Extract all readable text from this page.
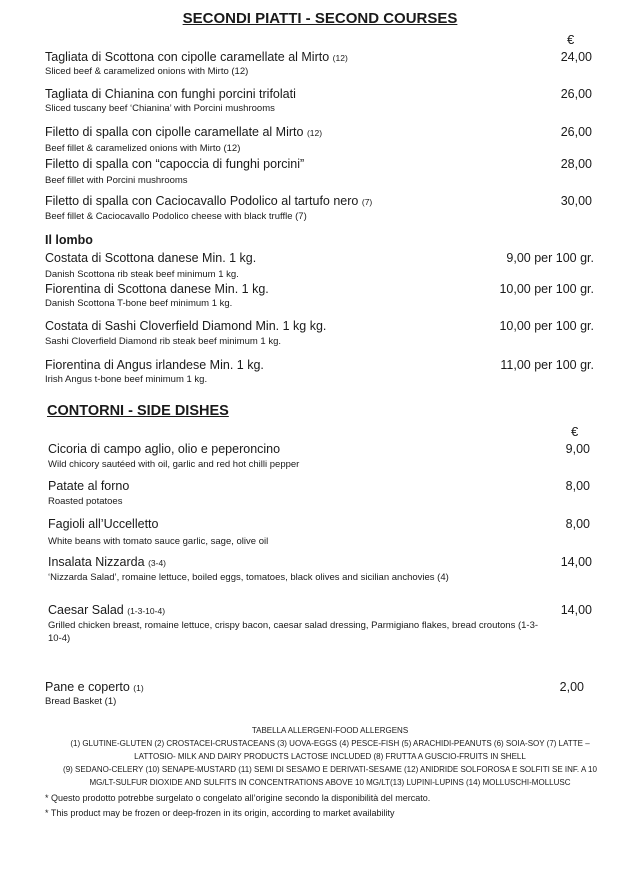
SECONDI PIATTI - SECOND COURSES
€
Il lombo
CONTORNI - SIDE DISHES
€
Tagliata di Scottona con cipolle caramellate al Mirto (12)
Sliced beef & caramelized onions with Mirto (12)
24,00
Tagliata di Chianina con funghi porcini trifolati
Sliced tuscany beef ‘Chianina’ with Porcini mushrooms
26,00
Filetto di spalla con cipolle caramellate al Mirto (12)
Beef fillet & caramelized onions with Mirto (12)
26,00
Filetto di spalla con “capoccia di funghi porcini”
Beef fillet with Porcini mushrooms
28,00
Filetto di spalla con Caciocavallo Podolico al tartufo nero (7)
Beef fillet & Caciocavallo Podolico cheese with black truffle (7)
30,00
Costata di Scottona danese Min. 1 kg.
Danish Scottona rib steak beef minimum 1 kg.
9,00 per 100 gr.
Fiorentina di Scottona danese Min. 1 kg.
Danish Scottona T-bone beef minimum 1 kg.
10,00 per 100 gr.
Costata di Sashi Cloverfield Diamond Min. 1 kg kg.
Sashi Cloverfield Diamond rib steak beef minimum 1 kg.
10,00 per 100 gr.
Fiorentina di Angus irlandese Min. 1 kg.
Irish Angus t-bone beef minimum 1 kg.
11,00 per 100 gr.
Cicoria di campo aglio, olio e peperoncino
Wild chicory sautéed with oil, garlic and red hot chilli pepper
9,00
Patate al forno
Roasted potatoes
8,00
Fagioli all’Uccelletto
White beans with tomato sauce garlic, sage, olive oil
8,00
Insalata Nizzarda (3-4)
‘Nizzarda Salad’, romaine lettuce, boiled eggs, tomatoes, black olives and sicilian anchovies (4)
14,00
Caesar Salad (1-3-10-4)
Grilled chicken breast, romaine lettuce, crispy bacon, caesar salad dressing, Parmigiano flakes, bread croutons (1-3-
10-4)
14,00
Pane e coperto (1)
Bread Basket (1)
2,00
TABELLA ALLERGENI-FOOD ALLERGENS
(1) GLUTINE-GLUTEN (2) CROSTACEI-CRUSTACEANS (3) UOVA-EGGS (4) PESCE-FISH (5) ARACHIDI-PEANUTS (6) SOIA-SOY (7) LATTE – LATTOSIO- MILK AND DAIRY PRODUCTS LACTOSE INCLUDED (8) FRUTTA A GUSCIO-FRUITS IN SHELL
(9) SEDANO-CELERY (10) SENAPE-MUSTARD (11) SEMI DI SESAMO E DERIVATI-SESAME (12) ANIDRIDE SOLFOROSA E SOLFITI SE INF. A 10 MG/LT-SULFUR DIOXIDE AND SULFITS IN CONCENTRATIONS ABOVE 10 MG/LT(13) LUPINI-LUPINS (14) MOLLUSCHI-MOLLUSC
* Questo prodotto potrebbe surgelato o congelato all’origine secondo la disponibilità del mercato.
* This product may be frozen or deep-frozen in its origin, according to market availability
